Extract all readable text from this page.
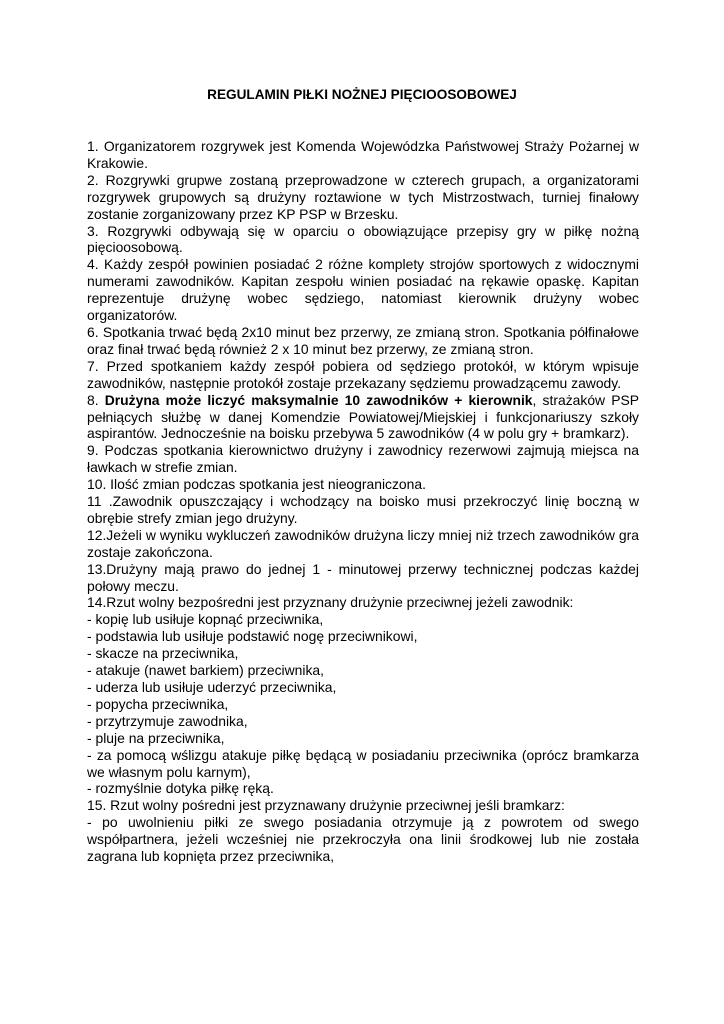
REGULAMIN PIŁKI NOŻNEJ PIĘCIOOSOBOWEJ
1. Organizatorem rozgrywek jest Komenda Wojewódzka Państwowej Straży Pożarnej w Krakowie.
2. Rozgrywki grupwe zostaną przeprowadzone w czterech grupach, a organizatorami rozgrywek grupowych są drużyny roztawione w tych Mistrzostwach, turniej finałowy zostanie zorganizowany przez KP PSP w Brzesku.
3. Rozgrywki odbywają się w oparciu o obowiązujące przepisy gry w piłkę nożną pięcioosobową.
4. Każdy zespół powinien posiadać 2 różne komplety strojów sportowych z widocznymi numerami zawodników. Kapitan zespołu winien posiadać na rękawie opaskę. Kapitan reprezentuje drużynę wobec sędziego, natomiast kierownik drużyny wobec organizatorów.
6. Spotkania trwać będą 2x10 minut bez przerwy, ze zmianą stron. Spotkania półfinałowe oraz finał trwać będą również 2 x 10 minut bez przerwy, ze zmianą stron.
7. Przed spotkaniem każdy zespół pobiera od sędziego protokół, w którym wpisuje zawodników, następnie protokół zostaje przekazany sędziemu prowadzącemu zawody.
8. Drużyna może liczyć maksymalnie 10 zawodników + kierownik, strażaków PSP pełniących służbę w danej Komendzie Powiatowej/Miejskiej i funkcjonariuszy szkoły aspirantów. Jednocześnie na boisku przebywa 5 zawodników (4 w polu gry + bramkarz).
9. Podczas spotkania kierownictwo drużyny i zawodnicy rezerwowi zajmują miejsca na ławkach w strefie zmian.
10. Ilość zmian podczas spotkania jest nieograniczona.
11 .Zawodnik opuszczający i wchodzący na boisko musi przekroczyć linię boczną w obrębie strefy zmian jego drużyny.
12.Jeżeli w wyniku wykluczeń zawodników drużyna liczy mniej niż trzech zawodników gra zostaje zakończona.
13.Drużyny mają prawo do jednej 1 - minutowej przerwy technicznej podczas każdej połowy meczu.
14.Rzut wolny bezpośredni jest przyznany drużynie przeciwnej jeżeli zawodnik:
- kopię lub usiłuje kopnąć przeciwnika,
- podstawia lub usiłuje podstawić nogę przeciwnikowi,
- skacze na przeciwnika,
- atakuje (nawet barkiem) przeciwnika,
- uderza lub usiłuje uderzyć przeciwnika,
- popycha przeciwnika,
- przytrzymuje zawodnika,
- pluje na przeciwnika,
- za pomocą wślizgu atakuje piłkę będącą w posiadaniu przeciwnika (oprócz bramkarza we własnym polu karnym),
- rozmyślnie dotyka piłkę ręką.
15. Rzut wolny pośredni jest przyznawany drużynie przeciwnej jeśli bramkarz:
- po uwolnieniu piłki ze swego posiadania otrzymuje ją z powrotem od swego współpartnera, jeżeli wcześniej nie przekroczyła ona linii środkowej lub nie została zagrana lub kopnięta przez przeciwnika,
